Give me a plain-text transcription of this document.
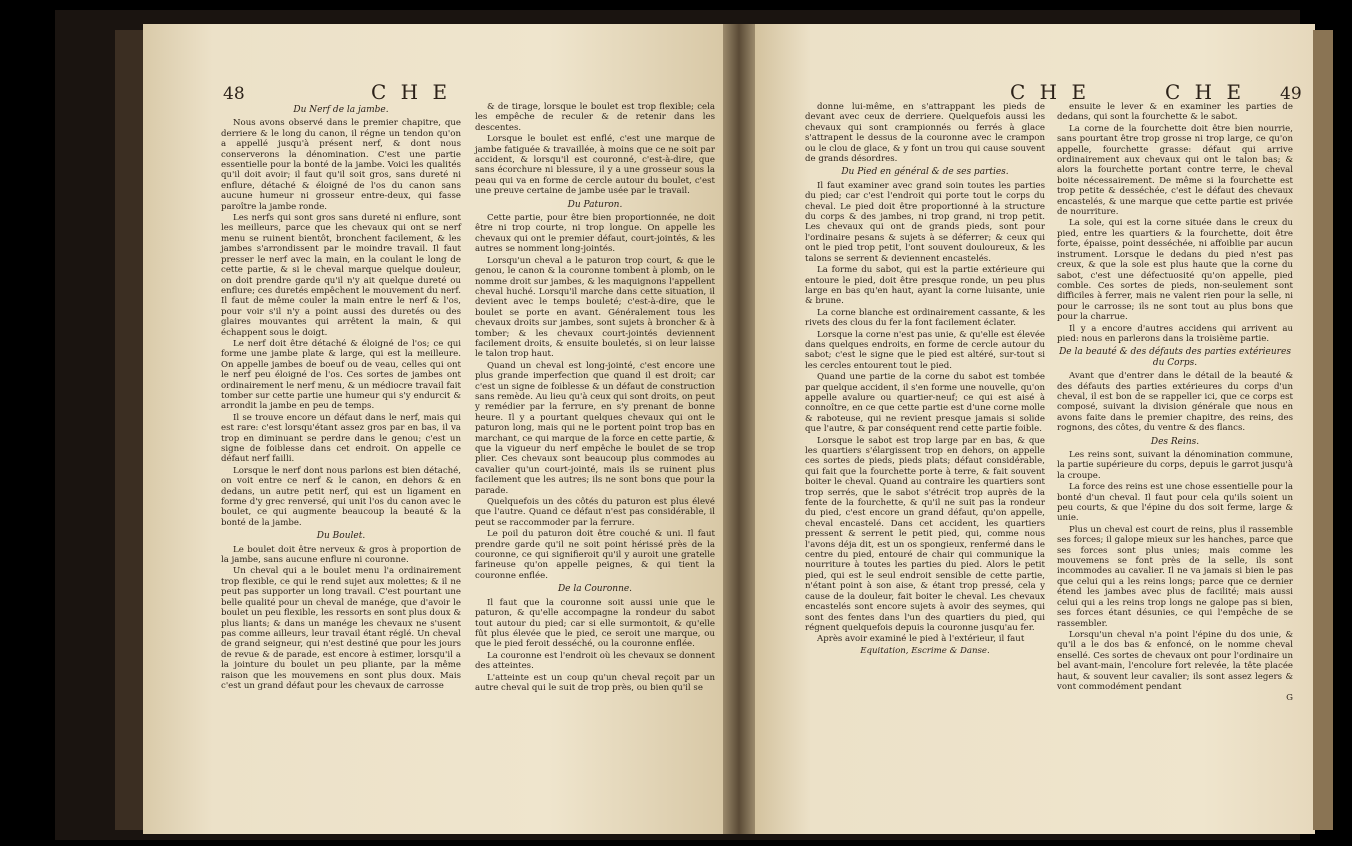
48	C H E
Du Nerf de la jambe.

Nous avons observé dans le premier chapitre, que derriere & le long du canon, il régne un tendon qu'on a appellé jusqu'à présent nerf, & dont nous conserverons la dénomination. C'est une partie essentielle pour la bonté de la jambe. Voici les qualités qu'il doit avoir; il faut qu'il soit gros, sans dureté ni enflure, détaché & éloigné de l'os du canon sans aucune humeur ni grosseur entre-deux, qui fasse paroître la jambe ronde.

Les nerfs qui sont gros sans dureté ni enflure, sont les meilleurs, parce que les chevaux qui ont se nerf menu se ruinent bientôt, bronchent facilement, & les jambes s'arrondissent par le moindre travail. Il faut presser le nerf avec la main, en la coulant le long de cette partie, & si le cheval marque quelque douleur, on doit prendre garde qu'il n'y ait quelque dureté ou enflure; ces duretés empêchent le mouvement du nerf. Il faut de même couler la main entre le nerf & l'os, pour voir s'il n'y a point aussi des duretés ou des glaires mouvantes qui arrêtent la main, & qui échappent sous le doigt.

Le nerf doit être détaché & éloigné de l'os; ce qui forme une jambe plate & large, qui est la meilleure. On appelle jambes de boeuf ou de veau, celles qui ont le nerf peu éloigné de l'os. Ces sortes de jambes ont ordinairement le nerf menu, & un médiocre travail fait tomber sur cette partie une humeur qui s'y endurcit & arrondit la jambe en peu de temps.

Il se trouve encore un défaut dans le nerf, mais qui est rare: c'est lorsqu'étant assez gros par en bas, il va trop en diminuant se perdre dans le genou; c'est un signe de foiblesse dans cet endroit. On appelle ce défaut nerf failli.

Lorsque le nerf dont nous parlons est bien détaché, on voit entre ce nerf & le canon, en dehors & en dedans, un autre petit nerf, qui est un ligament en forme d'y grec renversé, qui unit l'os du canon avec le boulet, ce qui augmente beaucoup la beauté & la bonté de la jambe.

Du Boulet.

Le boulet doit être nerveux & gros à proportion de la jambe, sans aucune enflure ni couronne.

Un cheval qui a le boulet menu l'a ordinairement trop flexible, ce qui le rend sujet aux molettes; & il ne peut pas supporter un long travail. C'est pourtant une belle qualité pour un cheval de manége, que d'avoir le boulet un peu flexible, les ressorts en sont plus doux & plus liants; & dans un manége les chevaux ne s'usent pas comme ailleurs, leur travail étant réglé. Un cheval de grand seigneur, qui n'est destiné que pour les jours de revue & de parade, est encore à estimer, lorsqu'il a la jointure du boulet un peu pliante, par la même raison que les mouvemens en sont plus doux. Mais c'est un grand défaut pour les chevaux de carrosse

& de tirage, lorsque le boulet est trop flexible; cela les empêche de reculer & de retenir dans les descentes.

Lorsque le boulet est enflé, c'est une marque de jambe fatiguée & travaillée, à moins que ce ne soit par accident, & lorsqu'il est couronné, c'est-à-dire, que sans écorchure ni blessure, il y a une grosseur sous la peau qui va en forme de cercle autour du boulet, c'est une preuve certaine de jambe usée par le travail.

Du Paturon.

Cette partie, pour être bien proportionnée, ne doit être ni trop courte, ni trop longue. On appelle les chevaux qui ont le premier défaut, court-jointés, & les autres se nomment long-jointés.

Lorsqu'un cheval a le paturon trop court, & que le genou, le canon & la couronne tombent à plomb, on le nomme droit sur jambes, & les maquignons l'appellent cheval huché. Lorsqu'il marche dans cette situation, il devient avec le temps bouleté; c'est-à-dire, que le boulet se porte en avant. Généralement tous les chevaux droits sur jambes, sont sujets à broncher & à tomber; & les chevaux court-jointés deviennent facilement droits, & ensuite bouletés, si on leur laisse le talon trop haut.

Quand un cheval est long-jointé, c'est encore une plus grande imperfection que quand il est droit; car c'est un signe de foiblesse & un défaut de construction sans remède. Au lieu qu'à ceux qui sont droits, on peut y remédier par la ferrure, en s'y prenant de bonne heure. Il y a pourtant quelques chevaux qui ont le paturon long, mais qui ne le portent point trop bas en marchant, ce qui marque de la force en cette partie, & que la vigueur du nerf empêche le boulet de se trop plier. Ces chevaux sont beaucoup plus commodes au cavalier qu'un court-jointé, mais ils se ruinent plus facilement que les autres; ils ne sont bons que pour la parade.

Quelquefois un des côtés du paturon est plus élevé que l'autre. Quand ce défaut n'est pas considérable, il peut se raccommoder par la ferrure.

Le poil du paturon doit être couché & uni. Il faut prendre garde qu'il ne soit point hérissé près de la couronne, ce qui signifieroit qu'il y auroit une gratelle farineuse qu'on appelle peignes, & qui tient la couronne enflée.

De la Couronne.

Il faut que la couronne soit aussi unie que le paturon, & qu'elle accompagne la rondeur du sabot tout autour du pied; car si elle surmontoit, & qu'elle fût plus élevée que le pied, ce seroit une marque, ou que le pied feroit desséché, ou la couronne enflée.

La couronne est l'endroit où les chevaux se donnent des atteintes.

L'atteinte est un coup qu'un cheval reçoit par un autre cheval qui le suit de trop près, ou bien qu'il se

C H E	C H E 49

donne lui-même, en s'attrappant les pieds de devant avec ceux de derriere. Quelquefois aussi les chevaux qui sont crampionnés ou ferrés à glace s'attrapent le dessus de la couronne avec le crampon ou le clou de glace, & y font un trou qui cause souvent de grands désordres.

Du Pied en général & de ses parties.

Il faut examiner avec grand soin toutes les parties du pied; car c'est l'endroit qui porte tout le corps du cheval. Le pied doit être proportionné à la structure du corps & des jambes, ni trop grand, ni trop petit. Les chevaux qui ont de grands pieds, sont pour l'ordinaire pesans & sujets à se déferrer; & ceux qui ont le pied trop petit, l'ont souvent douloureux, & les talons se serrent & deviennent encastelés.

La forme du sabot, qui est la partie extérieure qui entoure le pied, doit être presque ronde, un peu plus large en bas qu'en haut, ayant la corne luisante, unie & brune.

La corne blanche est ordinairement cassante, & les rivets des clous du fer la font facilement éclater.

Lorsque la corne n'est pas unie, & qu'elle est élevée dans quelques endroits, en forme de cercle autour du sabot; c'est le signe que le pied est altéré, sur-tout si les cercles entourent tout le pied.

Quand une partie de la corne du sabot est tombée par quelque accident, il s'en forme une nouvelle, qu'on appelle avalure ou quartier-neuf; ce qui est aisé à connoître, en ce que cette partie est d'une corne molle & raboteuse, qui ne revient presque jamais si solide que l'autre, & par conséquent rend cette partie foible.

Lorsque le sabot est trop large par en bas, & que les quartiers s'élargissent trop en dehors, on appelle ces sortes de pieds, pieds plats; défaut considérable, qui fait que la fourchette porte à terre, & fait souvent boiter le cheval. Quand au contraire les quartiers sont trop serrés, que le sabot s'étrécit trop auprès de la fente de la fourchette, & qu'il ne suit pas la rondeur du pied, c'est encore un grand défaut, qu'on appelle, cheval encastelé. Dans cet accident, les quartiers pressent & serrent le petit pied, qui, comme nous l'avons déja dit, est un os spongieux, renfermé dans le centre du pied, entouré de chair qui communique la nourriture à toutes les parties du pied. Alors le petit pied, qui est le seul endroit sensible de cette partie, n'étant point à son aise, & étant trop pressé, cela y cause de la douleur, fait boiter le cheval. Les chevaux encastelés sont encore sujets à avoir des seymes, qui sont des fentes dans l'un des quartiers du pied, qui régnent quelquefois depuis la couronne jusqu'au fer.

Après avoir examiné le pied à l'extérieur, il faut

Equitation, Escrime & Danse.

ensuite le lever & en examiner les parties de dedans, qui sont la fourchette & le sabot.

La corne de la fourchette doit être bien nourrie, sans pourtant être trop grosse ni trop large, ce qu'on appelle, fourchette grasse: défaut qui arrive ordinairement aux chevaux qui ont le talon bas; & alors la fourchette portant contre terre, le cheval boite nécessairement. De même si la fourchette est trop petite & desséchée, c'est le défaut des chevaux encastelés, & une marque que cette partie est privée de nourriture.

La sole, qui est la corne située dans le creux du pied, entre les quartiers & la fourchette, doit être forte, épaisse, point desséchée, ni affoiblie par aucun instrument. Lorsque le dedans du pied n'est pas creux, & que la sole est plus haute que la corne du sabot, c'est une défectuosité qu'on appelle, pied comble. Ces sortes de pieds, non-seulement sont difficiles à ferrer, mais ne valent rien pour la selle, ni pour le carrosse; ils ne sont tout au plus bons que pour la charrue.

Il y a encore d'autres accidens qui arrivent au pied: nous en parlerons dans la troisième partie.

De la beauté & des défauts des parties extérieures du Corps.

Avant que d'entrer dans le détail de la beauté & des défauts des parties extérieures du corps d'un cheval, il est bon de se rappeller ici, que ce corps est composé, suivant la division générale que nous en avons faite dans le premier chapitre, des reins, des rognons, des côtes, du ventre & des flancs.

Des Reins.

Les reins sont, suivant la dénomination commune, la partie supérieure du corps, depuis le garrot jusqu'à la croupe.

La force des reins est une chose essentielle pour la bonté d'un cheval. Il faut pour cela qu'ils soient un peu courts, & que l'épine du dos soit ferme, large & unie.

Plus un cheval est court de reins, plus il rassemble ses forces; il galope mieux sur les hanches, parce que ses forces sont plus unies; mais comme les mouvemens se font près de la selle, ils sont incommodes au cavalier. Il ne va jamais si bien le pas que celui qui a les reins longs; parce que ce dernier étend les jambes avec plus de facilité; mais aussi celui qui a les reins trop longs ne galope pas si bien, ses forces étant désunies, ce qui l'empêche de se rassembler.

Lorsqu'un cheval n'a point l'épine du dos unie, & qu'il a le dos bas & enfoncé, on le nomme cheval ensellé. Ces sortes de chevaux ont pour l'ordinaire un bel avant-main, l'encolure fort relevée, la tête placée haut, & souvent leur cavalier; ils sont assez legers & vont commodément pendant

G
